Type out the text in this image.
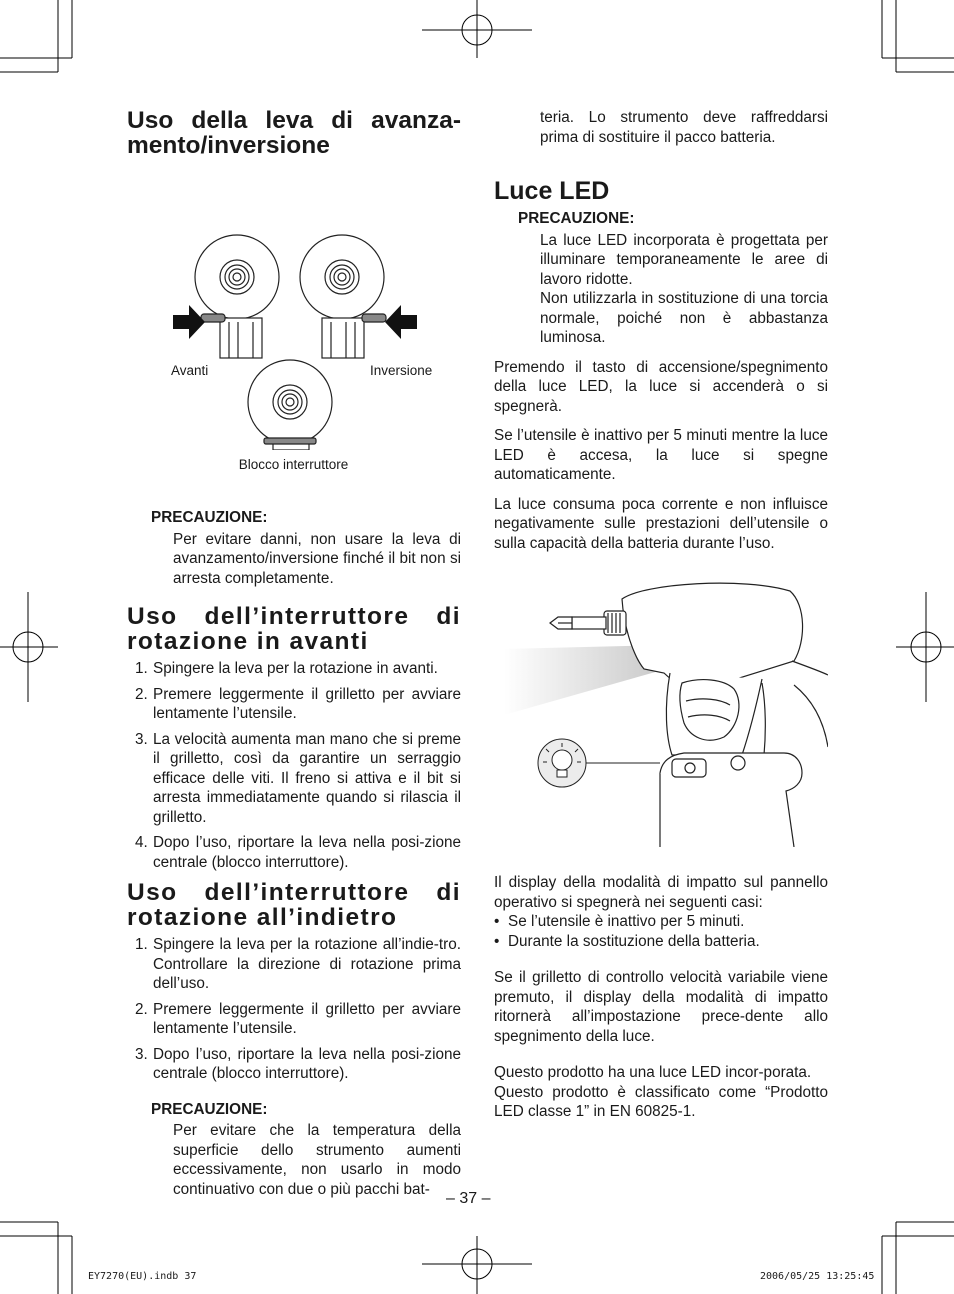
Uso della leva di avanza-mento/inversione
Avanti	Inversione
Blocco interruttore
PRECAUZIONE:

Per evitare danni, non usare la leva di avanzamento/inversione finché il bit non si arresta completamente.

Uso dell’interruttore di rotazione in avanti
1. Spingere la leva per la rotazione in avanti.
2. Premere leggermente il grilletto per avviare lentamente l’utensile.
3. La velocità aumenta man mano che si preme il grilletto, così da garantire un serraggio efficace delle viti. Il freno si attiva e il bit si arresta immediatamente quando si rilascia il grilletto.
4. Dopo l’uso, riportare la leva nella posi-zione centrale (blocco interruttore).
Uso dell’interruttore di rotazione all’indietro
1. Spingere la leva per la rotazione all’indie-tro. Controllare la direzione di rotazione prima dell’uso.
2. Premere leggermente il grilletto per avviare lentamente l’utensile.
3. Dopo l’uso, riportare la leva nella posi-zione centrale (blocco interruttore).
PRECAUZIONE:

Per evitare che la temperatura della superficie dello strumento aumenti eccessivamente, non usarlo in modo continuativo con due o più pacchi bat-

teria. Lo strumento deve raffreddarsi prima di sostituire il pacco batteria.

Luce LED
PRECAUZIONE:

La luce LED incorporata è progettata per illuminare temporaneamente le aree di lavoro ridotte.

Non utilizzarla in sostituzione di una torcia normale, poiché non è abbastanza luminosa.

Premendo il tasto di accensione/spegnimento della luce LED, la luce si accenderà o si spegnerà.

Se l’utensile è inattivo per 5 minuti mentre la luce LED è accesa, la luce si spegne automaticamente.

La luce consuma poca corrente e non influisce negativamente sulle prestazioni dell’utensile o sulla capacità della batteria durante l’uso.

Il display della modalità di impatto sul pannello operativo si spegnerà nei seguenti casi:

• Se l’utensile è inattivo per 5 minuti.
• Durante la sostituzione della batteria.

Se il grilletto di controllo velocità variabile viene premuto, il display della modalità di impatto ritornerà all’impostazione prece-dente allo spegnimento della luce.

Questo prodotto ha una luce LED incor-porata.

Questo prodotto è classificato come “Prodotto LED classe 1” in EN 60825-1.

– 37 –
EY7270(EU).indb 37	2006/05/25 13:25:45
